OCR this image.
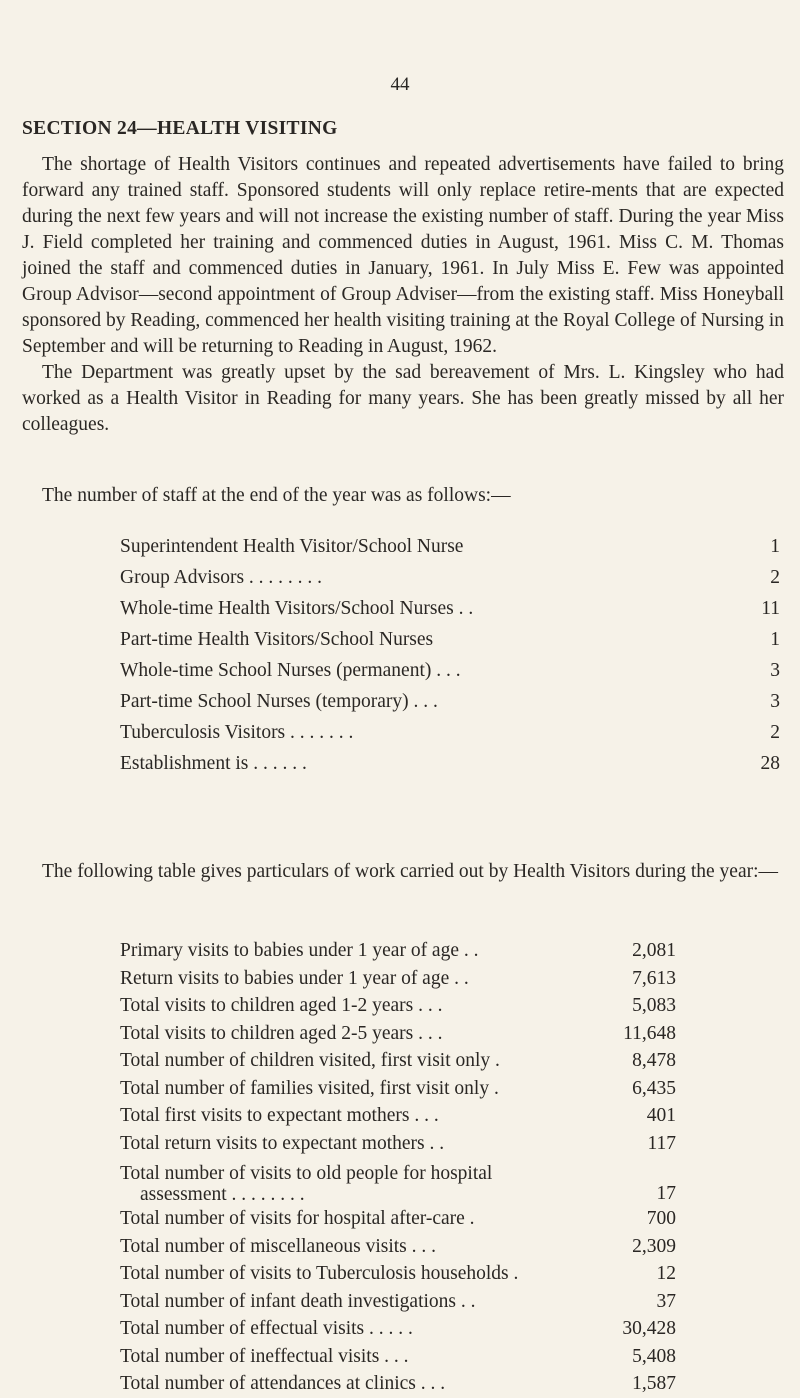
44
SECTION 24—HEALTH VISITING

The shortage of Health Visitors continues and repeated advertisements have failed to bring forward any trained staff. Sponsored students will only replace retire-ments that are expected during the next few years and will not increase the existing number of staff. During the year Miss J. Field completed her training and commenced duties in August, 1961. Miss C. M. Thomas joined the staff and commenced duties in January, 1961. In July Miss E. Few was appointed Group Advisor—second appointment of Group Adviser—from the existing staff. Miss Honeyball sponsored by Reading, commenced her health visiting training at the Royal College of Nursing in September and will be returning to Reading in August, 1962.

The Department was greatly upset by the sad bereavement of Mrs. L. Kingsley who had worked as a Health Visitor in Reading for many years. She has been greatly missed by all her colleagues.

The number of staff at the end of the year was as follows:—

Superintendent Health Visitor/School Nurse	1
Group Advisors . . . . . . . .	2
Whole-time Health Visitors/School Nurses . .	11
Part-time Health Visitors/School Nurses	1
Whole-time School Nurses (permanent) . . .	3
Part-time School Nurses (temporary) . . .	3
Tuberculosis Visitors . . . . . . .	2
Establishment is . . . . . .	28

The following table gives particulars of work carried out by Health Visitors during the year:—

Primary visits to babies under 1 year of age . .	2,081
Return visits to babies under 1 year of age . .	7,613
Total visits to children aged 1-2 years . . .	5,083
Total visits to children aged 2-5 years . . .	11,648
Total number of children visited, first visit only .	8,478
Total number of families visited, first visit only .	6,435
Total first visits to expectant mothers . . .	401
Total return visits to expectant mothers . .	117
Total number of visits to old people for hospital
assessment . . . . . . . .	17
Total number of visits for hospital after-care .	700
Total number of miscellaneous visits . . .	2,309
Total number of visits to Tuberculosis households .	12
Total number of infant death investigations . .	37
Total number of effectual visits . . . . .	30,428
Total number of ineffectual visits . . .	5,408
Total number of attendances at clinics . . .	1,587
